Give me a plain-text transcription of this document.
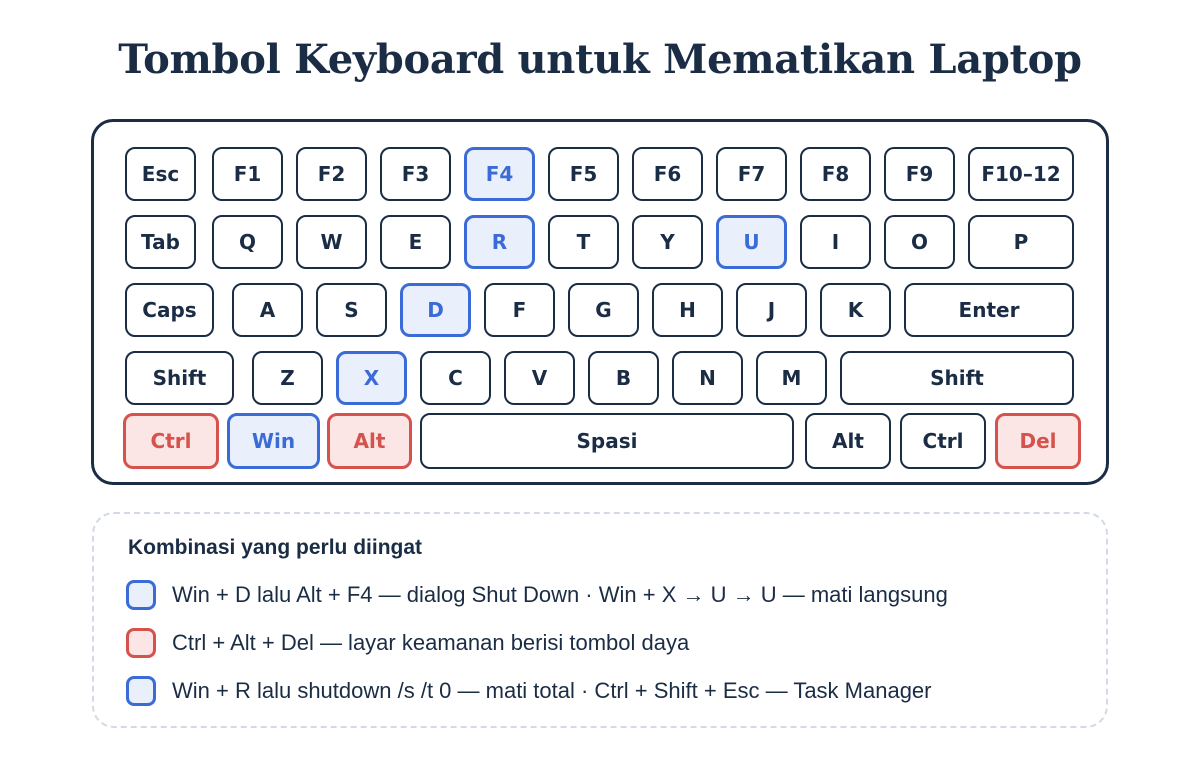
Tombol Keyboard untuk Mematikan Laptop
Esc	F1	F2	F3	F4	F5	F6	F7	F8	F9	F10–12
Tab	Q	W	E	R	T	Y	U	I	O	P
Caps	A	S	D	F	G	H	J	K	Enter
Shift	Z	X	C	V	B	N	M	Shift
Ctrl	Win	Alt	Spasi	Alt	Ctrl	Del
Kombinasi yang perlu diingat
Win + D lalu Alt + F4 — dialog Shut Down · Win + X → U → U — mati langsung
Ctrl + Alt + Del — layar keamanan berisi tombol daya
Win + R lalu shutdown /s /t 0 — mati total · Ctrl + Shift + Esc — Task Manager
